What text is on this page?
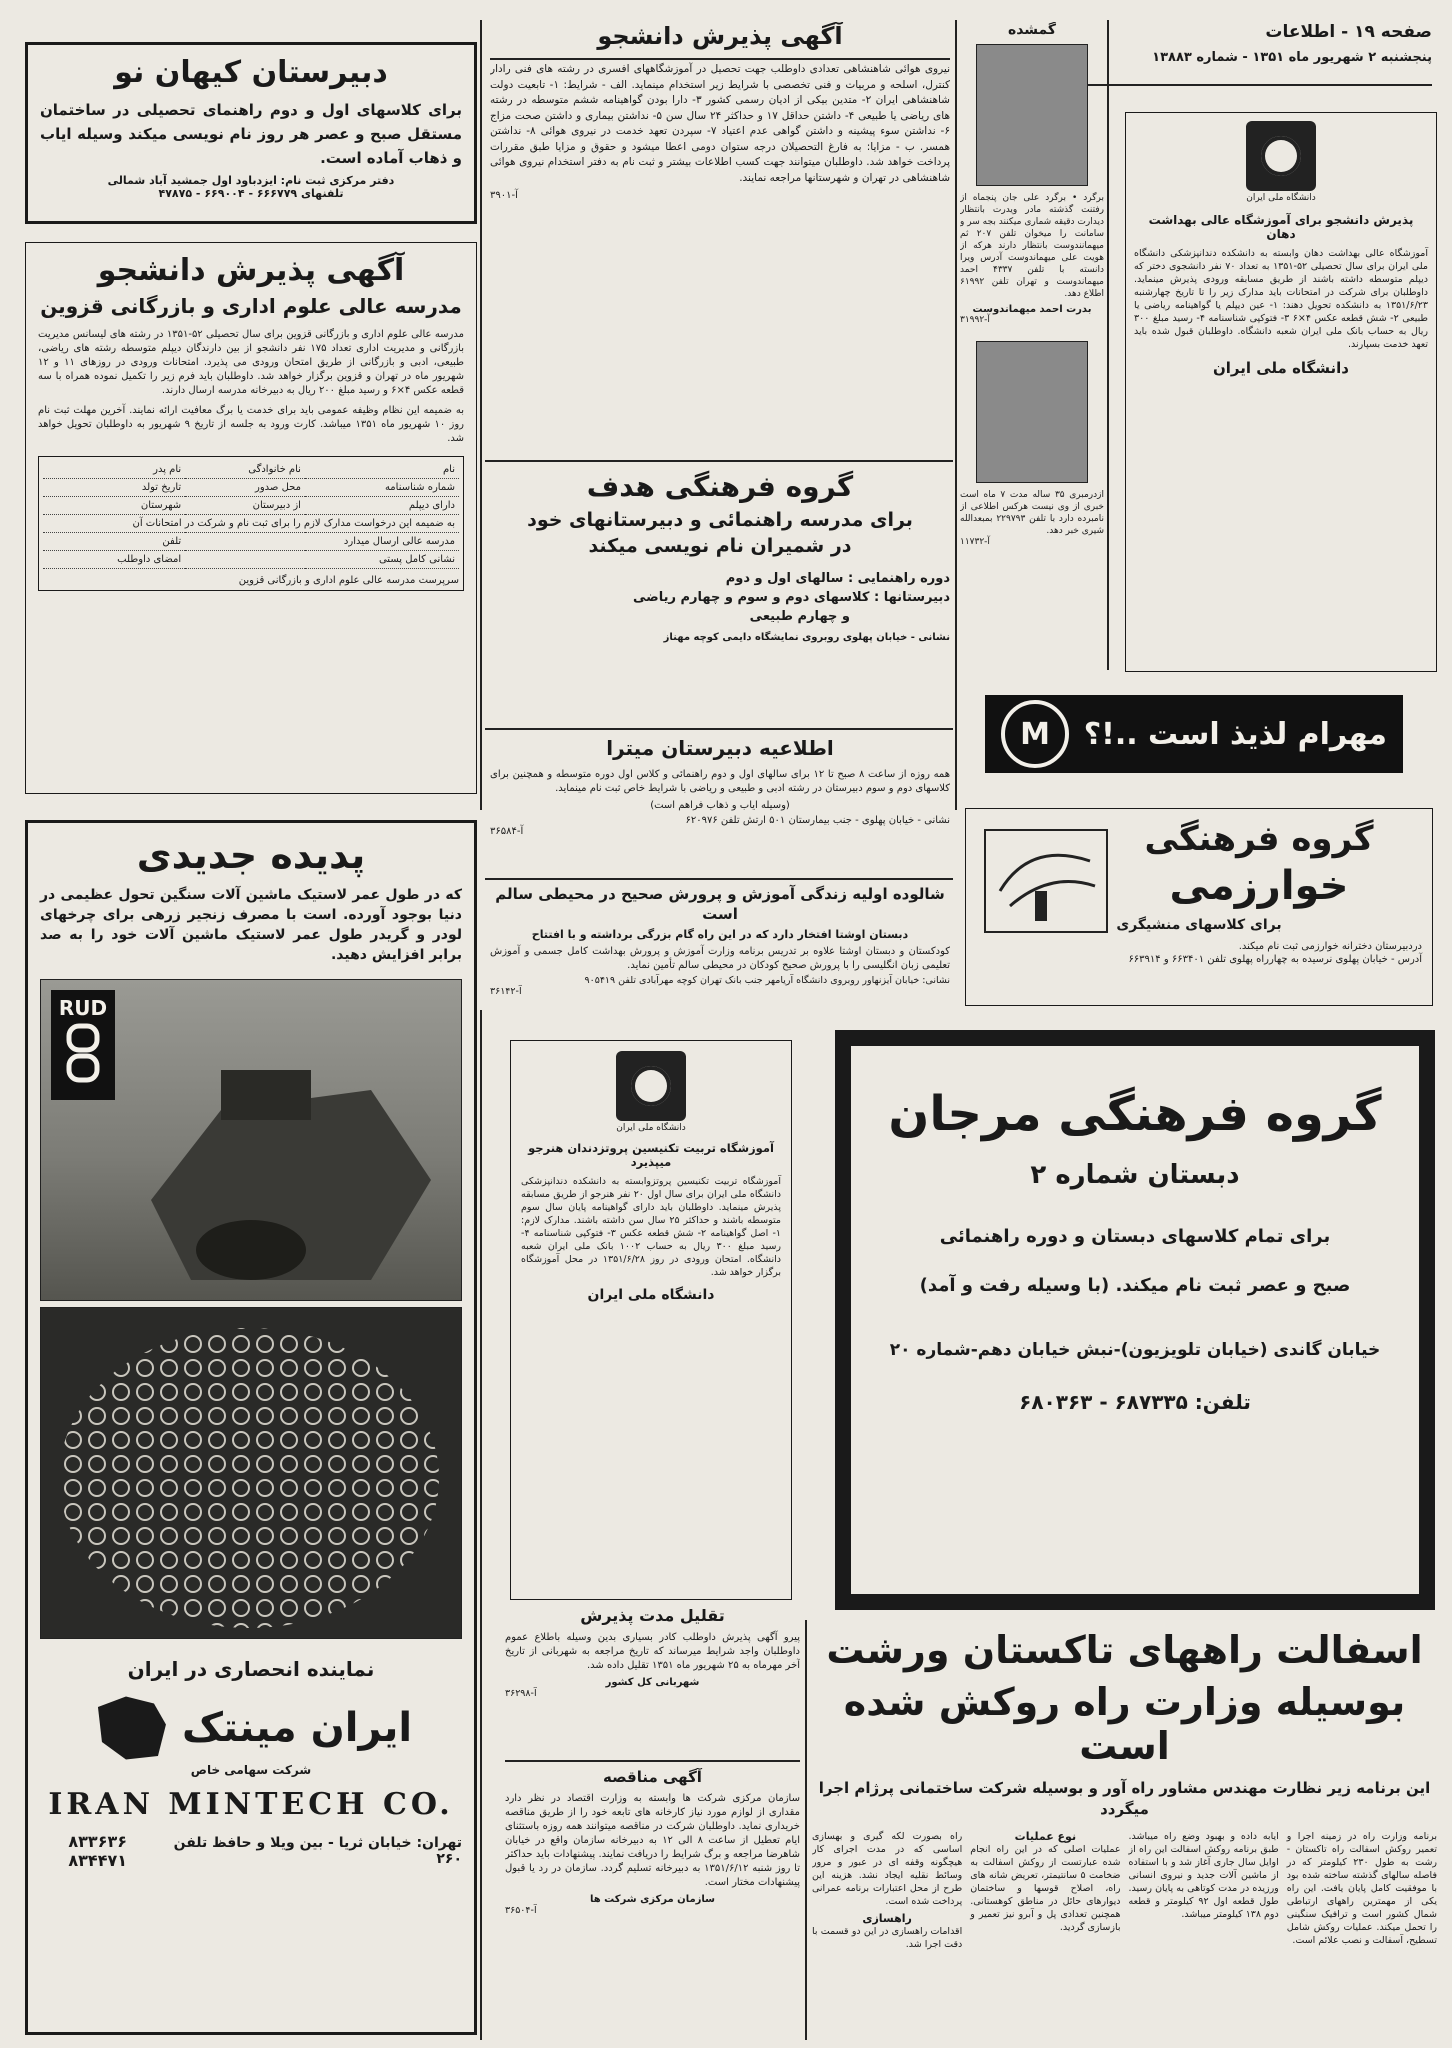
صفحه ۱۹ - اطلاعات
پنجشنبه ۲ شهریور ماه ۱۳۵۱ - شماره ۱۳۸۸۳
گمشده

برگرد • برگرد علی جان پنجماه از رفتنت گذشته مادر ویدرت بانتظار دیدارت دقیقه شماری میکنند بجه سر و سامانت را میخوان تلفن ۲۰۷ ثم میهمانندوست بانتظار دارند هرکه از هویت علی میهماندوست آدرس ویرا دانسته با تلفن ۴۳۳۷ احمد میهماندوست و تهران تلفن ۶۱۹۹۲ اطلاع دهد.

بدرت احمد میهماندوست
آ-۳۱۹۹۲

ازدرمبری ۳۵ ساله مدت ۷ ماه است خبری از وی نیست هرکس اطلاعی از نامبرده دارد با تلفن ۲۲۹۷۹۳ بمبعدالله شیری خبر دهد.

آ-۱۱۷۳۲
دانشگاه ملی ایران
پذیرش دانشجو برای آموزشگاه عالی بهداشت دهان

آموزشگاه عالی بهداشت دهان وابسته به دانشکده دندانپزشکی دانشگاه ملی ایران برای سال تحصیلی ۵۲-۱۳۵۱ به تعداد ۷۰ نفر دانشجوی دختر که دیپلم متوسطه داشته باشند از طریق مسابقه ورودی پذیرش مینماید. داوطلبان برای شرکت در امتحانات باید مدارک زیر را تا تاریخ چهارشنبه ۱۳۵۱/۶/۲۳ به دانشکده تحویل دهند: ۱- عین دیپلم یا گواهینامه ریاضی یا طبیعی ۲- شش قطعه عکس ۴×۶ ۳- فتوکپی شناسنامه ۴- رسید مبلغ ۳۰۰ ریال به حساب بانک ملی ایران شعبه دانشگاه. داوطلبان قبول شده باید تعهد خدمت بسپارند.

دانشگاه ملی ایران
آگهی پذیرش دانشجو

نیروی هوائی شاهنشاهی تعدادی داوطلب جهت تحصیل در آموزشگاههای افسری در رشته های فنی رادار کنترل، اسلحه و مربیات و فنی تخصصی با شرایط زیر استخدام مینماید. الف - شرایط: ۱- تابعیت دولت شاهنشاهی ایران ۲- متدین بیکی از ادیان رسمی کشور ۳- دارا بودن گواهینامه ششم متوسطه در رشته های ریاضی یا طبیعی ۴- داشتن حداقل ۱۷ و حداکثر ۲۴ سال سن ۵- نداشتن بیماری و داشتن صحت مزاج ۶- نداشتن سوء پیشینه و داشتن گواهی عدم اعتیاد ۷- سپردن تعهد خدمت در نیروی هوائی ۸- نداشتن همسر. ب - مزایا: به فارغ التحصیلان درجه ستوان دومی اعطا میشود و حقوق و مزایا طبق مقررات پرداخت خواهد شد. داوطلبان میتوانند جهت کسب اطلاعات بیشتر و ثبت نام به دفتر استخدام نیروی هوائی شاهنشاهی در تهران و شهرستانها مراجعه نمایند.

آ-۳۹۰۱
گروه فرهنگی هدف
برای مدرسه راهنمائی و دبیرستانهای خود
در شمیران نام نویسی میکند
دوره راهنمایی : سالهای اول و دوم
دبیرستانها : کلاسهای دوم و سوم و چهارم ریاضی
و چهارم طبیعی
نشانی - خیابان پهلوی روبروی نمایشگاه دایمی کوچه مهناز
اطلاعیه دبیرستان میترا

همه روزه از ساعت ۸ صبح تا ۱۲ برای سالهای اول و دوم راهنمائی و کلاس اول دوره متوسطه و همچنین برای کلاسهای دوم و سوم دبیرستان در رشته ادبی و طبیعی و ریاضی با شرایط خاص ثبت نام مینماید.

(وسیله ایاب و ذهاب فراهم است)
نشانی - خیابان پهلوی - جنب بیمارستان ۵۰۱ ارتش تلفن ۶۲۰۹۷۶
آ-۳۶۵۸۴
شالوده اولیه زندگی آموزش و پرورش صحیح در محیطی سالم است
دبستان اوشتا افتخار دارد که در این راه گام بزرگی برداشته و با افتتاح

کودکستان و دبستان اوشتا علاوه بر تدریس برنامه وزارت آموزش و پرورش بهداشت کامل جسمی و آموزش تعلیمی زبان انگلیسی را با پرورش صحیح کودکان در محیطی سالم تأمین نماید.

نشانی: خیابان آیزنهاور روبروی دانشگاه آریامهر جنب بانک تهران کوچه مهرآبادی تلفن ۹۰۵۴۱۹
آ-۳۶۱۴۲
مهرام لذیذ است ..!؟
M
گروه فرهنگی
خوارزمی
برای کلاسهای منشیگری
دردبیرستان دخترانه خوارزمی ثبت نام میکند.
آدرس - خیابان پهلوی نرسیده به چهارراه پهلوی تلفن ۶۶۳۴۰۱ و ۶۶۳۹۱۴
دبیرستان کیهان نو
برای کلاسهای اول و دوم راهنمای تحصیلی در ساختمان مستقل صبح و عصر هر روز نام نویسی میکند وسیله ایاب و ذهاب آماده است.
دفتر مرکزی ثبت نام: ایزدباود اول جمشید آباد شمالی
تلفنهای ۶۶۶۷۷۹ - ۶۶۹۰۰۴ - ۴۷۸۷۵
آگهی پذیرش دانشجو
مدرسه عالی علوم اداری و بازرگانی قزوین

مدرسه عالی علوم اداری و بازرگانی قزوین برای سال تحصیلی ۵۲-۱۳۵۱ در رشته های لیسانس مدیریت بازرگانی و مدیریت اداری تعداد ۱۷۵ نفر دانشجو از بین دارندگان دیپلم متوسطه رشته های ریاضی، طبیعی، ادبی و بازرگانی از طریق امتحان ورودی می پذیرد. امتحانات ورودی در روزهای ۱۱ و ۱۲ شهریور ماه در تهران و قزوین برگزار خواهد شد. داوطلبان باید فرم زیر را تکمیل نموده همراه با سه قطعه عکس ۴×۶ و رسید مبلغ ۲۰۰ ریال به دبیرخانه مدرسه ارسال دارند.

به ضمیمه این نظام وظیفه عمومی باید برای خدمت یا برگ معافیت ارائه نمایند. آخرین مهلت ثبت نام روز ۱۰ شهریور ماه ۱۳۵۱ میباشد. کارت ورود به جلسه از تاریخ ۹ شهریور به داوطلبان تحویل خواهد شد.

نام	نام خانوادگی	نام پدر
شماره شناسنامه	محل صدور	تاریخ تولد
دارای دیپلم	از دبیرستان	شهرستان
به ضمیمه این درخواست مدارک لازم را برای ثبت نام و شرکت در امتحانات آن		
مدرسه عالی ارسال میدارد		تلفن
نشانی کامل پستی		امضای داوطلب
سرپرست مدرسه عالی علوم اداری و بازرگانی قزوین
پدیده جدیدی
که در طول عمر لاستیک ماشین آلات سنگین تحول عظیمی در دنیا بوجود آورده. است با مصرف زنجیر زرهی برای چرخهای لودر و گریدر طول عمر لاستیک ماشین آلات خود را به صد برابر افزایش دهید.
RUD
نماینده انحصاری در ایران
ایران مینتک
شرکت سهامی خاص
IRAN MINTECH CO.
تهران: خیابان ثریا - بین ویلا و حافظ تلفن ۲۶۰
۸۳۳۶۳۶ ۸۳۴۴۷۱
دانشگاه ملی ایران
آموزشگاه تربیت تکنیسین پروتزدندان هنرجو میپذیرد

آموزشگاه تربیت تکنیسین پروتزوابسته به دانشکده دندانپزشکی دانشگاه ملی ایران برای سال اول ۲۰ نفر هنرجو از طریق مسابقه پذیرش مینماید. داوطلبان باید دارای گواهینامه پایان سال سوم متوسطه باشند و حداکثر ۲۵ سال سن داشته باشند. مدارک لازم: ۱- اصل گواهینامه ۲- شش قطعه عکس ۳- فتوکپی شناسنامه ۴- رسید مبلغ ۳۰۰ ریال به حساب ۱۰۰۲ بانک ملی ایران شعبه دانشگاه. امتحان ورودی در روز ۱۳۵۱/۶/۲۸ در محل آموزشگاه برگزار خواهد شد.

دانشگاه ملی ایران
تقلیل مدت پذیرش

پیرو آگهی پذیرش داوطلب کادر بسیاری بدین وسیله باطلاع عموم داوطلبان واجد شرایط میرساند که تاریخ مراجعه به شهربانی از تاریخ آخر مهرماه به ۲۵ شهریور ماه ۱۳۵۱ تقلیل داده شد.

شهربانی کل کشور
آ-۳۶۲۹۸
آگهی مناقصه

سازمان مرکزی شرکت ها وابسته به وزارت اقتصاد در نظر دارد مقداری از لوازم مورد نیاز کارخانه های تابعه خود را از طریق مناقصه خریداری نماید. داوطلبان شرکت در مناقصه میتوانند همه روزه باستثنای ایام تعطیل از ساعت ۸ الی ۱۲ به دبیرخانه سازمان واقع در خیابان شاهرضا مراجعه و برگ شرایط را دریافت نمایند. پیشنهادات باید حداکثر تا روز شنبه ۱۳۵۱/۶/۱۲ به دبیرخانه تسلیم گردد. سازمان در رد یا قبول پیشنهادات مختار است.

سازمان مرکزی شرکت ها
آ-۳۶۵۰۴
گروه فرهنگی مرجان
دبستان شماره ۲
برای تمام کلاسهای دبستان و دوره راهنمائی
صبح و عصر ثبت نام میکند. (با وسیله رفت و آمد)
خیابان گاندی (خیابان تلویزیون)-نبش خیابان دهم-شماره ۲۰
تلفن: ۶۸۷۳۳۵ - ۶۸۰۳۶۳
اسفالت راههای تاکستان ورشت
بوسیله وزارت راه روکش شده است
این برنامه زیر نظارت مهندس مشاور راه آور و بوسیله شرکت ساختمانی پرژام اجرا میگردد

برنامه وزارت راه در زمینه اجرا و تعمیر روکش اسفالت راه تاکستان - رشت به طول ۲۳۰ کیلومتر که در فاصله سالهای گذشته ساخته شده بود با موفقیت کامل پایان یافت. این راه یکی از مهمترین راههای ارتباطی شمال کشور است و ترافیک سنگینی را تحمل میکند. عملیات روکش شامل تسطیح، آسفالت و نصب علائم است.

ایابه داده و بهبود وضع راه میباشد. طبق برنامه روکش اسفالت این راه از اوایل سال جاری آغاز شد و با استفاده از ماشین آلات جدید و نیروی انسانی ورزیده در مدت کوتاهی به پایان رسید. طول قطعه اول ۹۲ کیلومتر و قطعه دوم ۱۳۸ کیلومتر میباشد.

نوع عملیات

عملیات اصلی که در این راه انجام شده عبارتست از روکش اسفالت به ضخامت ۵ سانتیمتر، تعریض شانه های راه، اصلاح قوسها و ساختمان دیوارهای حائل در مناطق کوهستانی. همچنین تعدادی پل و آبرو نیز تعمیر و بازسازی گردید.

راه بصورت لکه گیری و بهسازی اساسی که در مدت اجرای کار هیچگونه وقفه ای در عبور و مرور وسائط نقلیه ایجاد نشد. هزینه این طرح از محل اعتبارات برنامه عمرانی پرداخت شده است.

راهسازی

اقدامات راهسازی در این دو قسمت با دقت اجرا شد.
